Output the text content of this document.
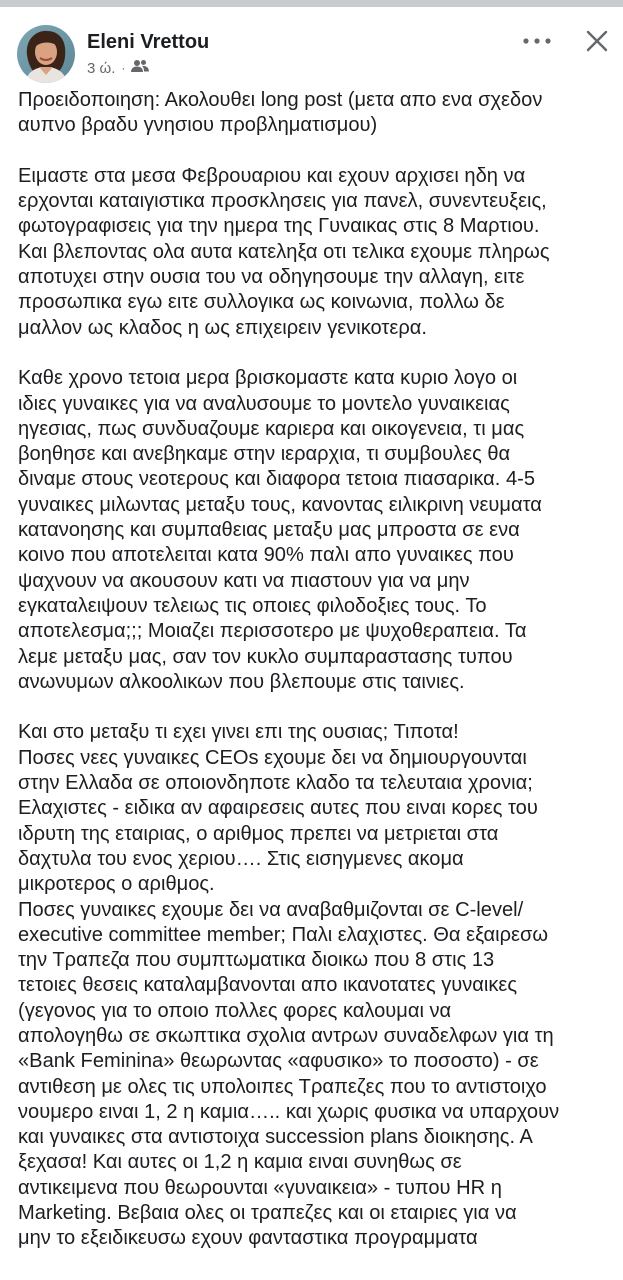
Eleni Vrettou
3 ώ. ·
Προειδοποιηση: Ακολουθει long post (μετα απο ενα σχεδον
αυπνο βραδυ γνησιου προβληματισμου)
Ειμαστε στα μεσα Φεβρουαριου και εχουν αρχισει ηδη να
ερχονται καταιγιστικα προσκλησεις για πανελ, συνεντευξεις,
φωτογραφισεις για την ημερα της Γυναικας στις 8 Μαρτιου.
Και βλεποντας ολα αυτα κατεληξα οτι τελικα εχουμε πληρως
αποτυχει στην ουσια του να οδηγησουμε την αλλαγη, ειτε
προσωπικα εγω ειτε συλλογικα ως κοινωνια, πολλω δε
μαλλον ως κλαδος η ως επιχειρειν γενικοτερα.
Καθε χρονο τετοια μερα βρισκομαστε κατα κυριο λογο οι
ιδιες γυναικες για να αναλυσουμε το μοντελο γυναικειας
ηγεσιας, πως συνδυαζουμε καριερα και οικογενεια, τι μας
βοηθησε και ανεβηκαμε στην ιεραρχια, τι συμβουλες θα
διναμε στους νεοτερους και διαφορα τετοια πιασαρικα. 4-5
γυναικες μιλωντας μεταξυ τους, κανοντας ειλικρινη νευματα
κατανοησης και συμπαθειας μεταξυ μας μπροστα σε ενα
κοινο που αποτελειται κατα 90% παλι απο γυναικες που
ψαχνουν να ακουσουν κατι να πιαστουν για να μην
εγκαταλειψουν τελειως τις οποιες φιλοδοξιες τους. Το
αποτελεσμα;;; Μοιαζει περισσοτερο με ψυχοθεραπεια. Τα
λεμε μεταξυ μας, σαν τον κυκλο συμπαραστασης τυπου
ανωνυμων αλκοολικων που βλεπουμε στις ταινιες.
Και στο μεταξυ τι εχει γινει επι της ουσιας; Τιποτα!
Ποσες νεες γυναικες CEOs εχουμε δει να δημιουργουνται
στην Ελλαδα σε οποιονδηποτε κλαδο τα τελευταια χρονια;
Ελαχιστες - ειδικα αν αφαιρεσεις αυτες που ειναι κορες του
ιδρυτη της εταιριας, ο αριθμος πρεπει να μετριεται στα
δαχτυλα του ενος χεριου…. Στις εισηγμενες ακομα
μικροτερος ο αριθμος.
Ποσες γυναικες εχουμε δει να αναβαθμιζονται σε C-level/
executive committee member; Παλι ελαχιστες. Θα εξαιρεσω
την Τραπεζα που συμπτωματικα διοικω που 8 στις 13
τετοιες θεσεις καταλαμβανονται απο ικανοτατες γυναικες
(γεγονος για το οποιο πολλες φορες καλουμαι να
απολογηθω σε σκωπτικα σχολια αντρων συναδελφων για τη
«Bank Feminina» θεωρωντας «αφυσικο» το ποσοστο) - σε
αντιθεση με ολες τις υπολοιπες Τραπεζες που το αντιστοιχο
νουμερο ειναι 1, 2 η καμια….. και χωρις φυσικα να υπαρχουν
και γυναικες στα αντιστοιχα succession plans διοικησης. Α
ξεχασα! Και αυτες οι 1,2 η καμια ειναι συνηθως σε
αντικειμενα που θεωρουνται «γυναικεια» - τυπου HR η
Marketing. Βεβαια ολες οι τραπεζες και οι εταιριες για να
μην το εξειδικευσω εχουν φανταστικα προγραμματα
